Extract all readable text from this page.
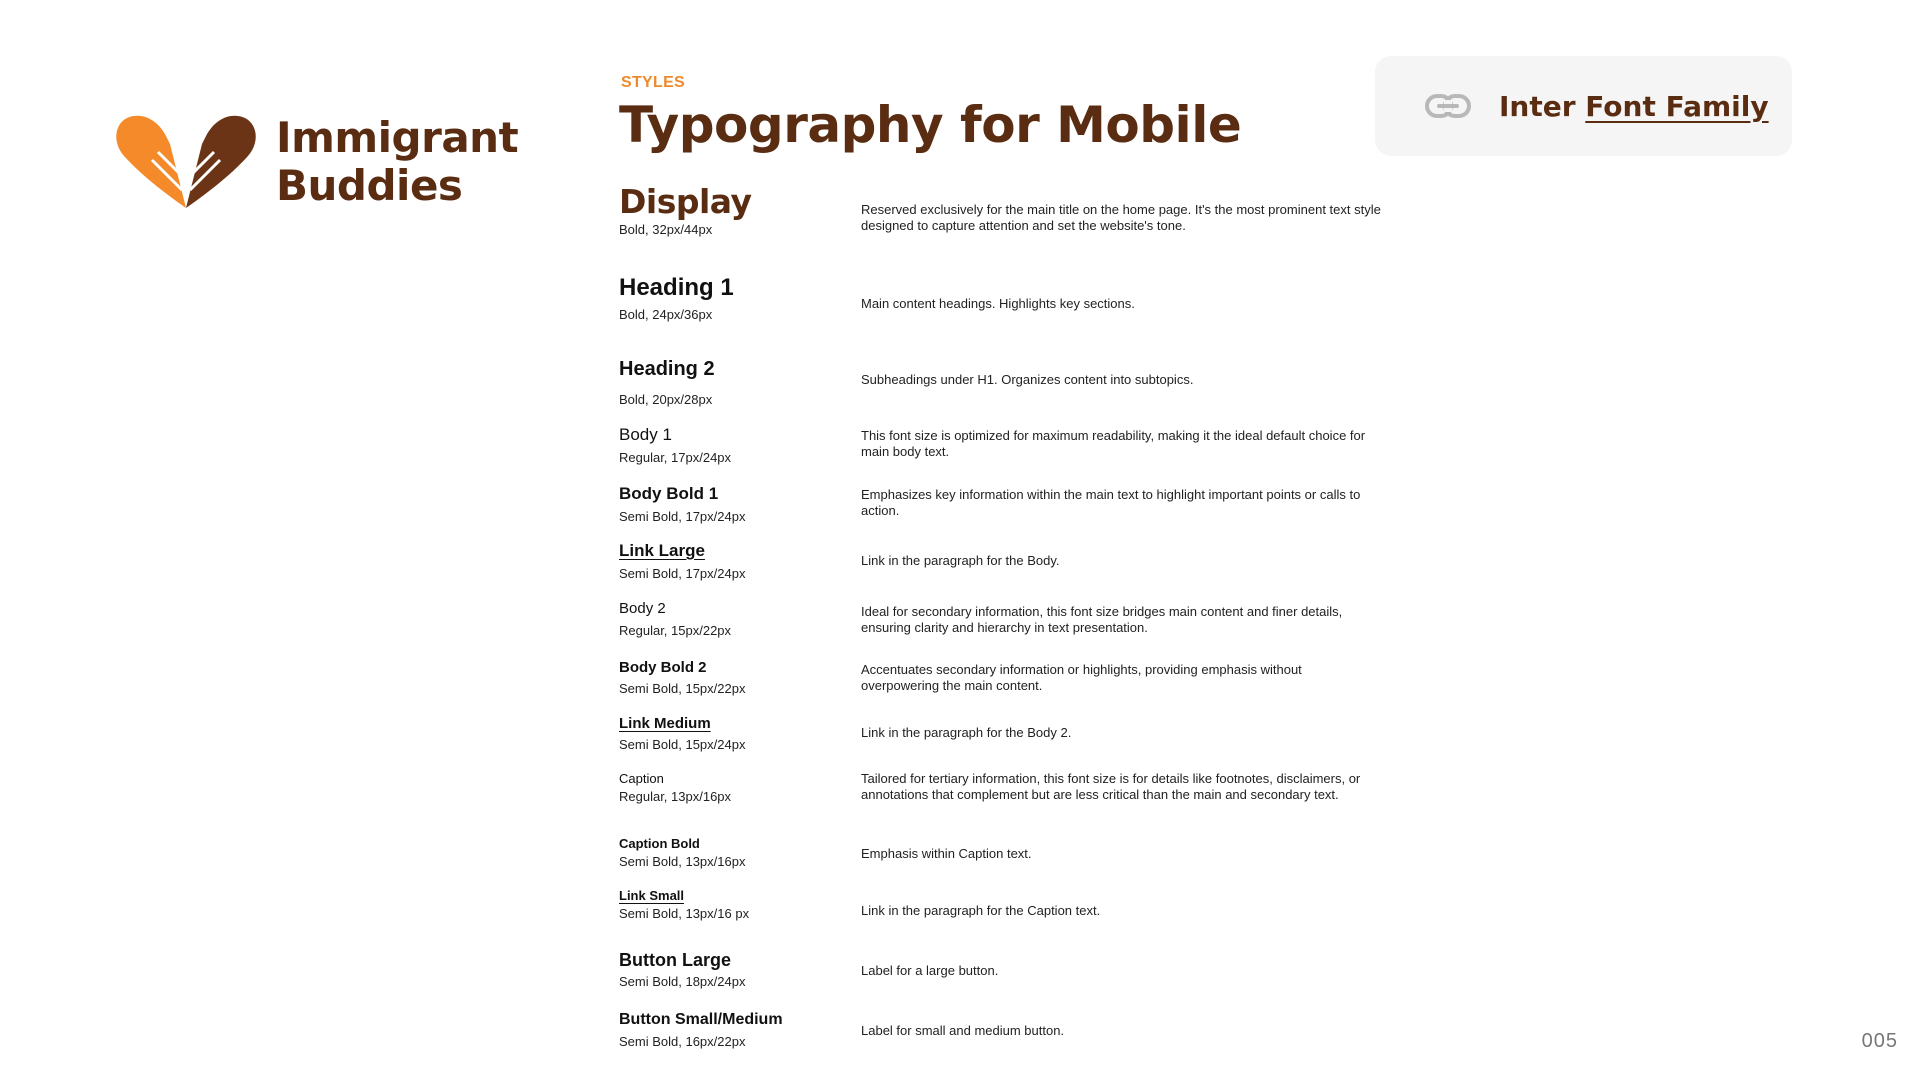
Immigrant
Buddies
STYLES
Typography for Mobile	Inter Font Family
Display
Bold, 32px/44px
Reserved exclusively for the main title on the home page. It's the most prominent text style designed to capture attention and set the website's tone.
Heading 1
Bold, 24px/36px
Main content headings. Highlights key sections.
Heading 2
Bold, 20px/28px
Subheadings under H1. Organizes content into subtopics.
Body 1
Regular, 17px/24px
This font size is optimized for maximum readability, making it the ideal default choice for main body text.
Body Bold 1
Semi Bold, 17px/24px
Emphasizes key information within the main text to highlight important points or calls to action.
Link Large
Semi Bold, 17px/24px
Link in the paragraph for the Body.
Body 2
Regular, 15px/22px
Ideal for secondary information, this font size bridges main content and finer details, ensuring clarity and hierarchy in text presentation.
Body Bold 2
Semi Bold, 15px/22px
Accentuates secondary information or highlights, providing emphasis without overpowering the main content.
Link Medium
Semi Bold, 15px/24px
Link in the paragraph for the Body 2.
Caption
Regular, 13px/16px
Tailored for tertiary information, this font size is for details like footnotes, disclaimers, or annotations that complement but are less critical than the main and secondary text.
Caption Bold
Semi Bold, 13px/16px
Emphasis within Caption text.
Link Small
Semi Bold, 13px/16 px	Link in the paragraph for the Caption text.
Button Large
Semi Bold, 18px/24px
Label for a large button.
Button Small/Medium
Semi Bold, 16px/22px
Label for small and medium button.	005
